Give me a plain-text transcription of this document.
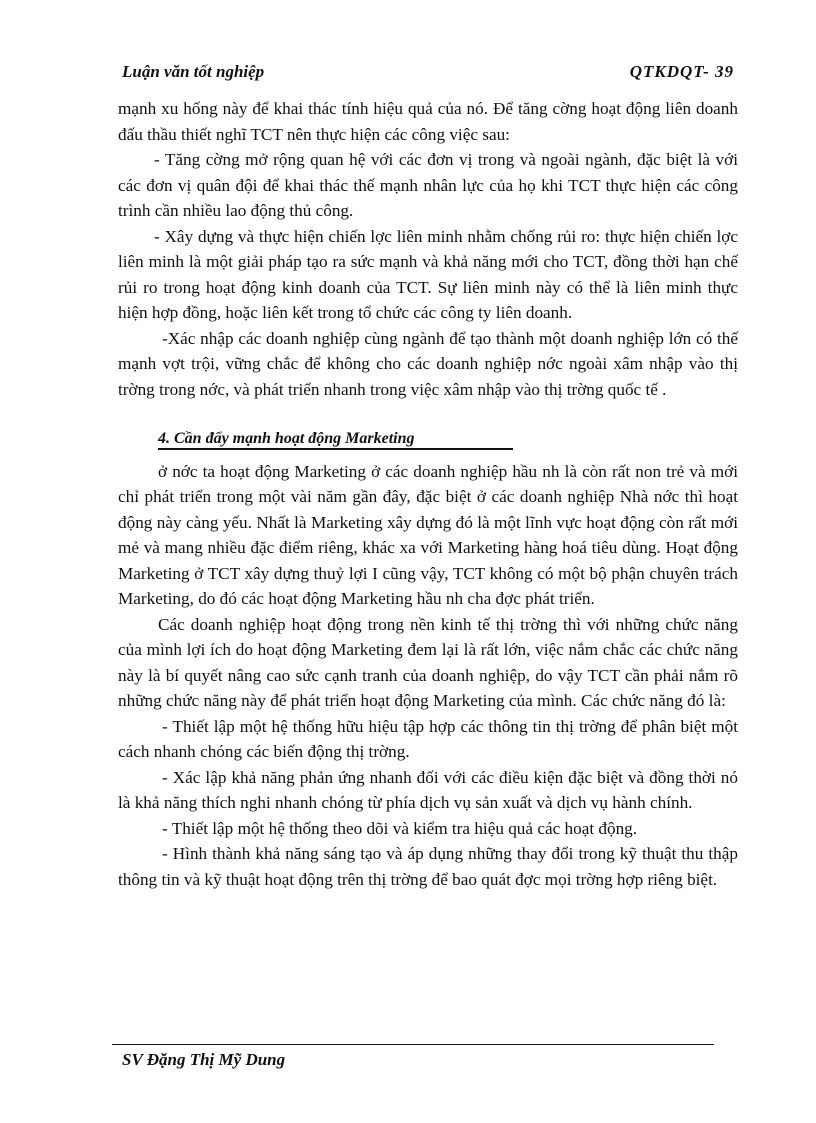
Luận văn tốt nghiệp	QTKDQT- 39

mạnh xu hống này để khai thác tính hiệu quả của nó. Để tăng cờng hoạt động liên doanh đấu thầu thiết nghĩ TCT nên thực hiện các công việc sau:

- Tăng cờng mở rộng quan hệ với các đơn vị trong và ngoài ngành, đặc biệt là với các đơn vị quân đội để khai thác thế mạnh nhân lực của họ khi TCT thực hiện các công trình cần nhiều lao động thủ công.

- Xây dựng và thực hiện chiến lợc liên minh nhằm chống rủi ro: thực hiện chiến lợc liên minh là một giải pháp tạo ra sức mạnh và khả năng mới cho TCT, đồng thời hạn chế rủi ro trong hoạt động kinh doanh của TCT. Sự liên minh này có thể là liên minh thực hiện hợp đồng, hoặc liên kết trong tổ chức các công ty liên doanh.

-Xác nhập các doanh nghiệp cùng ngành để tạo thành một doanh nghiệp lớn có thế mạnh vợt trội, vững chắc để không cho các doanh nghiệp nớc ngoài xâm nhập vào thị trờng trong nớc, và phát triển nhanh trong việc xâm nhập vào thị trờng quốc tế .

4. Cần đẩy mạnh hoạt động Marketing

ở nớc ta hoạt động Marketing ở các doanh nghiệp hầu nh là còn rất non trẻ và mới chỉ phát triển trong một vài năm gần đây, đặc biệt ở các doanh nghiệp Nhà nớc thì hoạt động này càng yếu. Nhất là Marketing xây dựng đó là một lĩnh vực hoạt động còn rất mới mẻ và mang nhiều đặc điểm riêng, khác xa với Marketing hàng hoá tiêu dùng. Hoạt động Marketing ở TCT xây dựng thuỷ lợi I cũng vậy, TCT không có một bộ phận chuyên trách Marketing, do đó các hoạt động Marketing hầu nh cha đợc phát triển.

Các doanh nghiệp hoạt động trong nền kinh tế thị trờng thì với những chức năng của mình lợi ích do hoạt động Marketing đem lại là rất lớn, việc nắm chắc các chức năng này là bí quyết nâng cao sức cạnh tranh của doanh nghiệp, do vậy TCT cần phải nắm rõ những chức năng này để phát triển hoạt động Marketing của mình. Các chức năng đó là:

- Thiết lập một hệ thống hữu hiệu tập hợp các thông tin thị trờng để phân biệt một cách nhanh chóng các biến động thị trờng.

- Xác lập khả năng phản ứng nhanh đối với các điều kiện đặc biệt và đồng thời nó là khả năng thích nghi nhanh chóng từ phía dịch vụ sản xuất và dịch vụ hành chính.

- Thiết lập một hệ thống theo dõi và kiểm tra hiệu quả các hoạt động.

- Hình thành khả năng sáng tạo và áp dụng những thay đổi trong kỹ thuật thu thập thông tin và kỹ thuật hoạt động trên thị trờng để bao quát đợc mọi trờng hợp riêng biệt.

SV Đặng Thị Mỹ Dung
